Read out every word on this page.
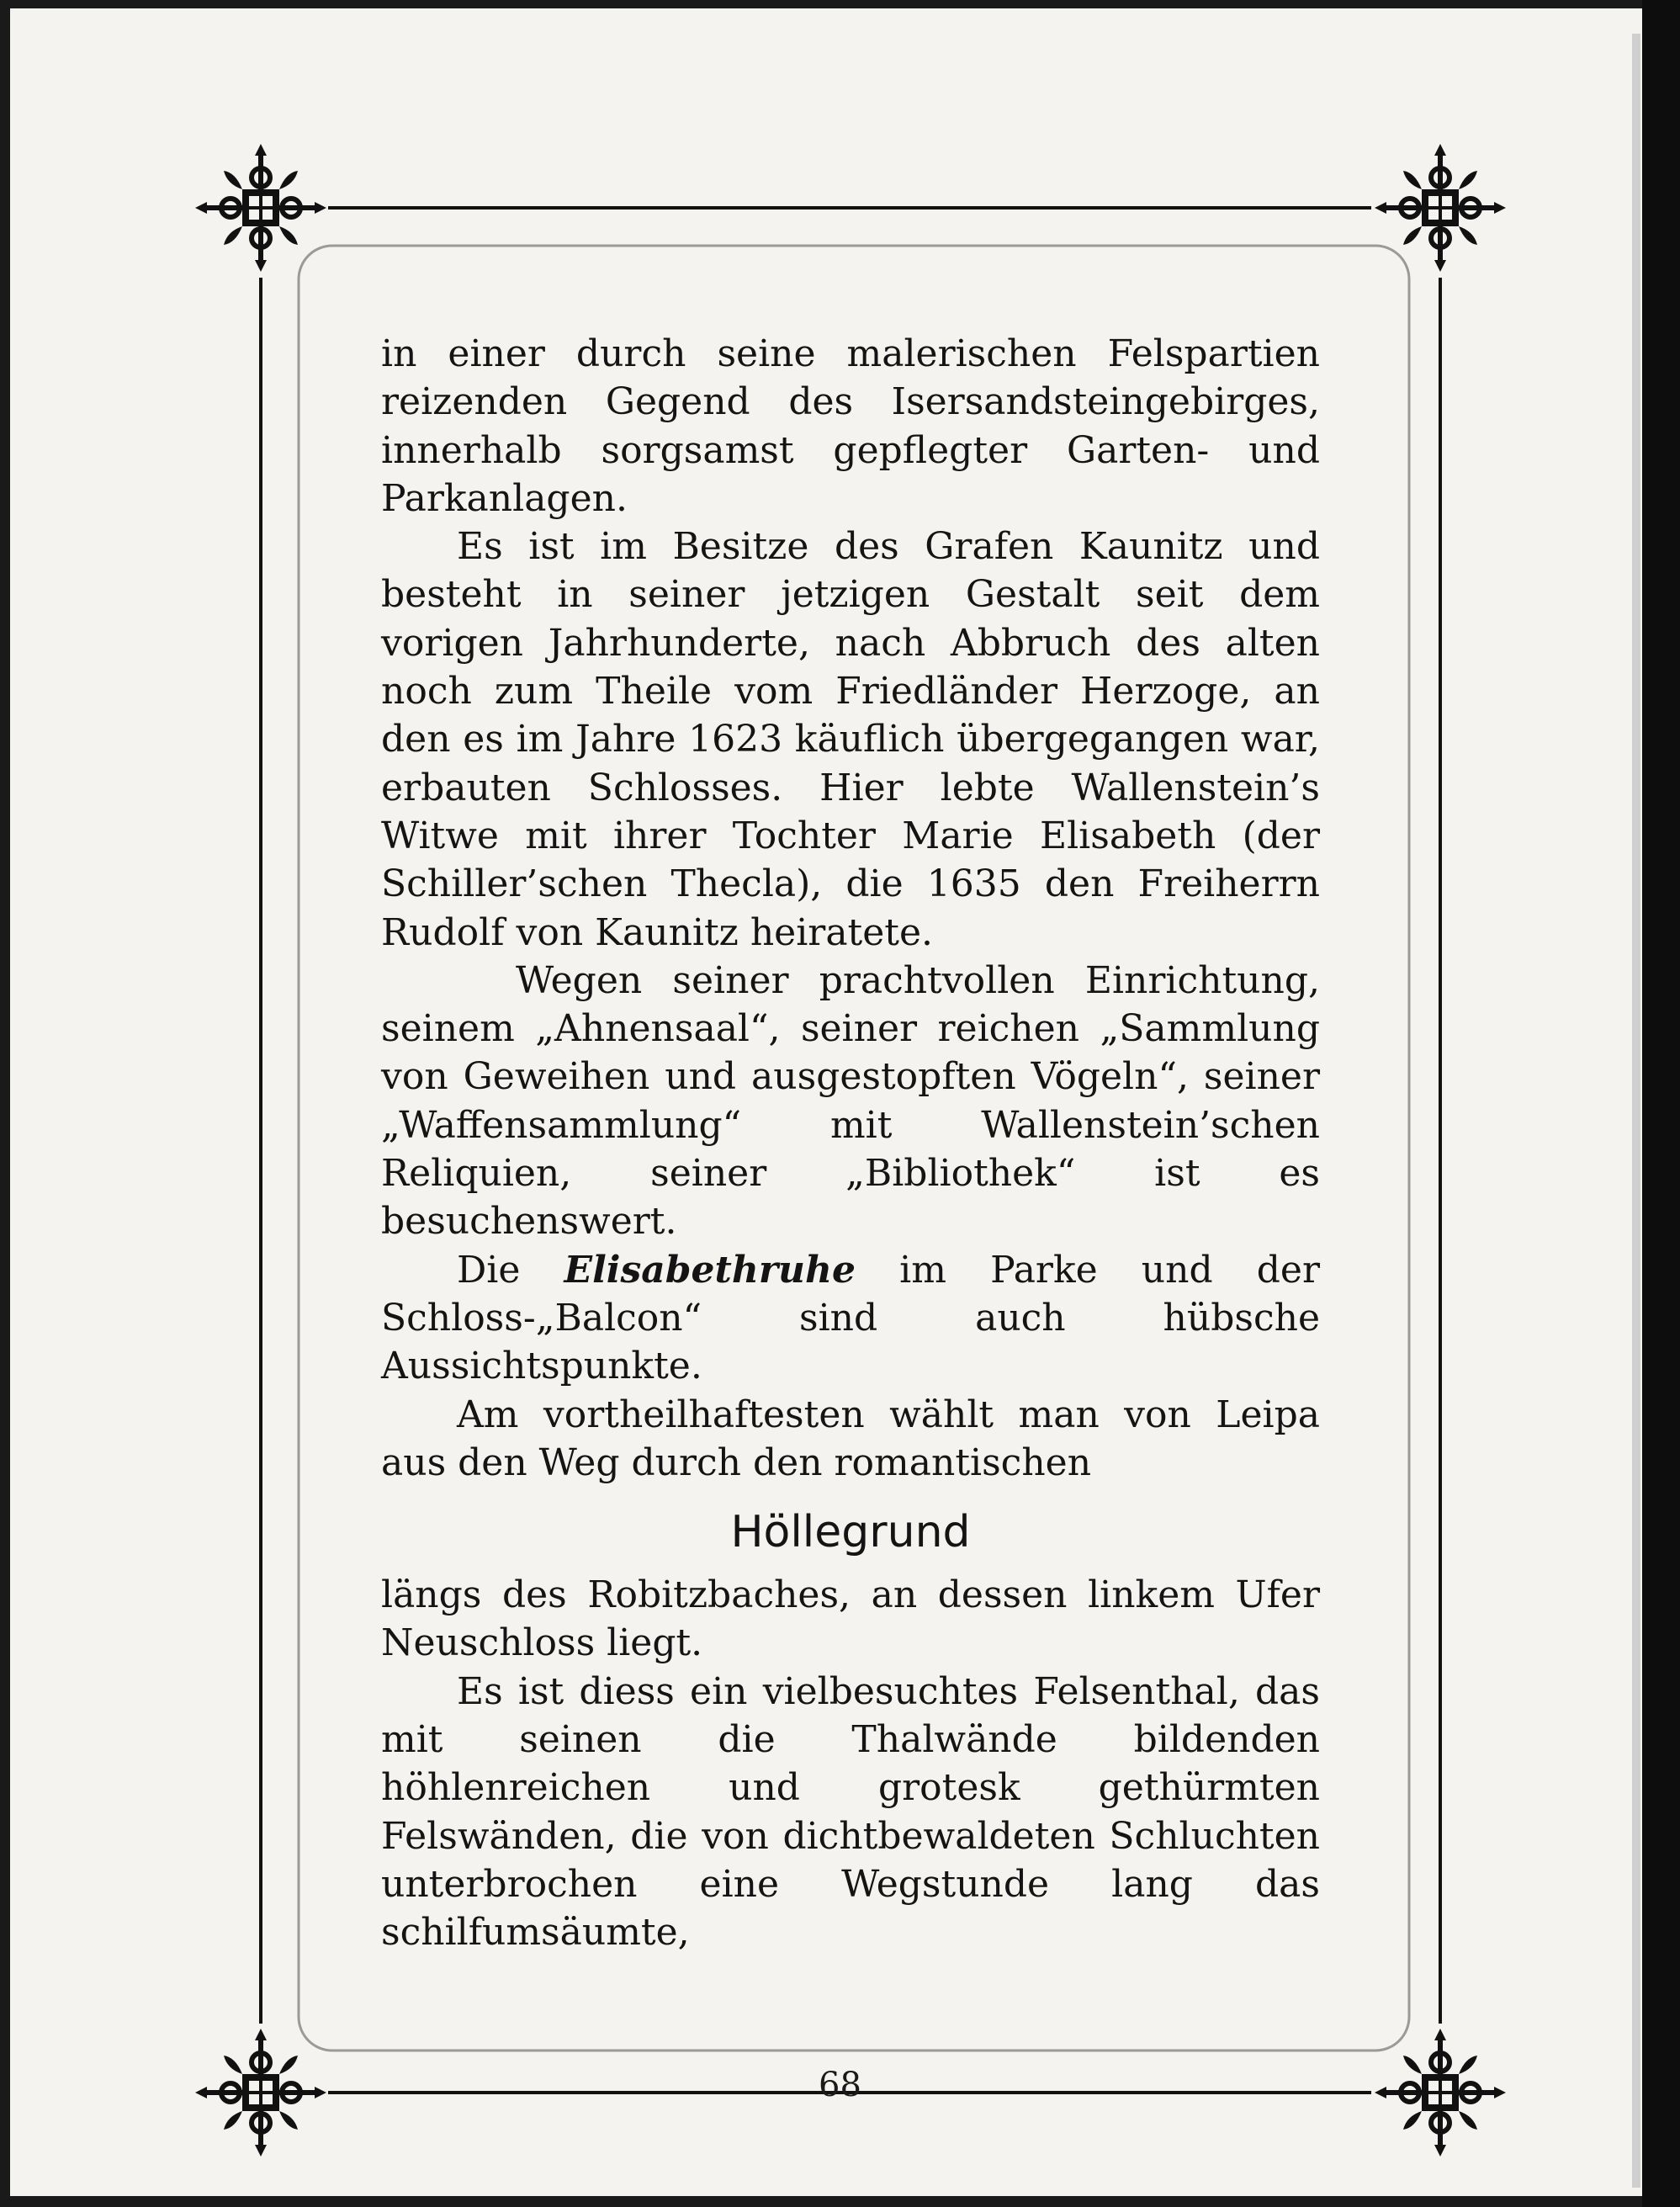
in einer durch seine malerischen Felspartien reizenden Gegend des Isersandsteingebirges, innerhalb sorgsamst gepflegter Garten- und Parkanlagen.

Es ist im Besitze des Grafen Kaunitz und besteht in seiner jetzigen Gestalt seit dem vorigen Jahrhunderte, nach Abbruch des alten noch zum Theile vom Friedländer Herzoge, an den es im Jahre 1623 käuflich übergegangen war, erbauten Schlosses. Hier lebte Wallenstein’s Witwe mit ihrer Tochter Marie Elisabeth (der Schiller’schen Thecla), die 1635 den Freiherrn Rudolf von Kaunitz heiratete.

Wegen seiner prachtvollen Einrichtung, seinem „Ahnensaal“, seiner reichen „Sammlung von Geweihen und ausgestopften Vögeln“, seiner „Waffensammlung“ mit Wallenstein’schen Reliquien, seiner „Bibliothek“ ist es besuchenswert.

Die Elisabethruhe im Parke und der Schloss-„Balcon“ sind auch hübsche Aussichtspunkte.

Am vortheilhaftesten wählt man von Leipa aus den Weg durch den romantischen

Höllegrund

längs des Robitzbaches, an dessen linkem Ufer Neuschloss liegt.

Es ist diess ein vielbesuchtes Felsenthal, das mit seinen die Thalwände bildenden höhlenreichen und grotesk gethürmten Felswänden, die von dichtbewaldeten Schluchten unterbrochen eine Wegstunde lang das schilfumsäumte,

68
